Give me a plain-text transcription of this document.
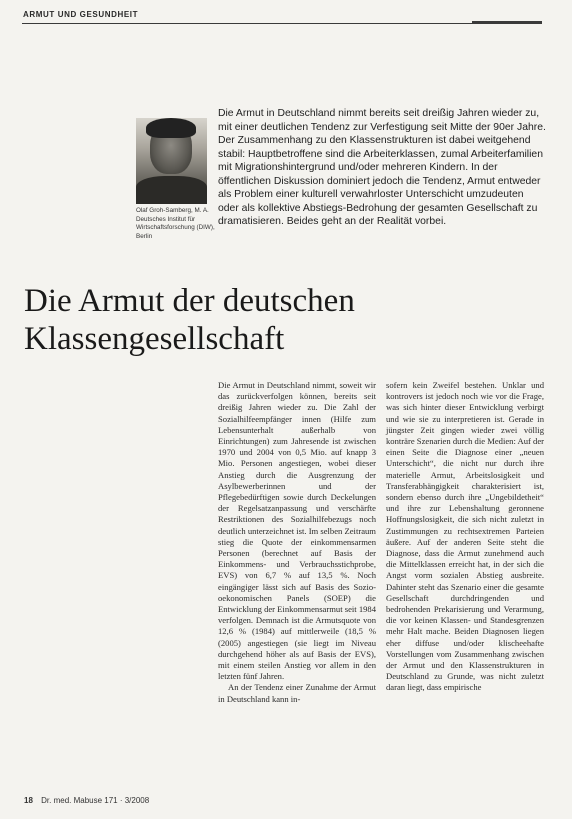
ARMUT UND GESUNDHEIT
Olaf Groh-Samberg, M. A. Deutsches Institut für Wirtschaftsforschung (DIW), Berlin

Die Armut in Deutschland nimmt bereits seit dreißig Jahren wieder zu, mit einer deutlichen Tendenz zur Verfestigung seit Mitte der 90er Jahre. Der Zusammenhang zu den Klassenstrukturen ist dabei weitgehend stabil: Hauptbetroffene sind die Arbeiterklassen, zumal Arbeiterfamilien mit Migrationshintergrund und/oder mehreren Kindern. In der öffentlichen Diskussion dominiert jedoch die Tendenz, Armut entweder als Problem einer kulturell verwahrloster Unterschicht umzudeuten oder als kollektive Abstiegs-Bedrohung der gesamten Gesellschaft zu dramatisieren. Beides geht an der Realität vorbei.

Die Armut der deutschen Klassengesellschaft

Die Armut in Deutschland nimmt, soweit wir das zurückverfolgen können, bereits seit dreißig Jahren wieder zu. Die Zahl der Sozialhilfeempfänger innen (Hilfe zum Lebensunterhalt außerhalb von Einrichtungen) zum Jahresende ist zwischen 1970 und 2004 von 0,5 Mio. auf knapp 3 Mio. Personen angestiegen, wobei dieser Anstieg durch die Ausgrenzung der Asylbewerberinnen und der Pflegebedürftigen sowie durch Deckelungen der Regelsatzanpassung und verschärfte Restriktionen des Sozialhilfebezugs noch deutlich unterzeichnet ist. Im selben Zeitraum stieg die Quote der einkommensarmen Personen (berechnet auf Basis der Einkommens- und Verbrauchsstichprobe, EVS) von 6,7 % auf 13,5 %. Noch eingängiger lässt sich auf Basis des Sozio-oekonomischen Panels (SOEP) die Entwicklung der Einkommensarmut seit 1984 verfolgen. Demnach ist die Armutsquote von 12,6 % (1984) auf mittlerweile (18,5 % (2005) angestiegen (sie liegt im Niveau durchgehend höher als auf Basis der EVS), mit einem steilen Anstieg vor allem in den letzten fünf Jahren.

An der Tendenz einer Zunahme der Armut in Deutschland kann in-

sofern kein Zweifel bestehen. Unklar und kontrovers ist jedoch noch wie vor die Frage, was sich hinter dieser Entwicklung verbirgt und wie sie zu interpretieren ist. Gerade in jüngster Zeit gingen wieder zwei völlig konträre Szenarien durch die Medien: Auf der einen Seite die Diagnose einer „neuen Unterschicht“, die nicht nur durch ihre materielle Armut, Arbeitslosigkeit und Transferabhängigkeit charakterisiert ist, sondern ebenso durch ihre „Ungebildetheit“ und ihre zur Lebenshaltung geronnene Hoffnungslosigkeit, die sich nicht zuletzt in Zustimmungen zu rechtsextremen Parteien äußere. Auf der anderen Seite steht die Diagnose, dass die Armut zunehmend auch die Mittelklassen erreicht hat, in der sich die Angst vorm sozialen Abstieg ausbreite. Dahinter steht das Szenario einer die gesamte Gesellschaft durchdringenden und bedrohenden Prekarisierung und Verarmung, die vor keinen Klassen- und Standesgrenzen mehr Halt mache. Beiden Diagnosen liegen eher diffuse und/oder klischeehafte Vorstellungen vom Zusammenhang zwischen der Armut und den Klassenstrukturen in Deutschland zu Grunde, was nicht zuletzt daran liegt, dass empirische

18 Dr. med. Mabuse 171 · 3/2008
